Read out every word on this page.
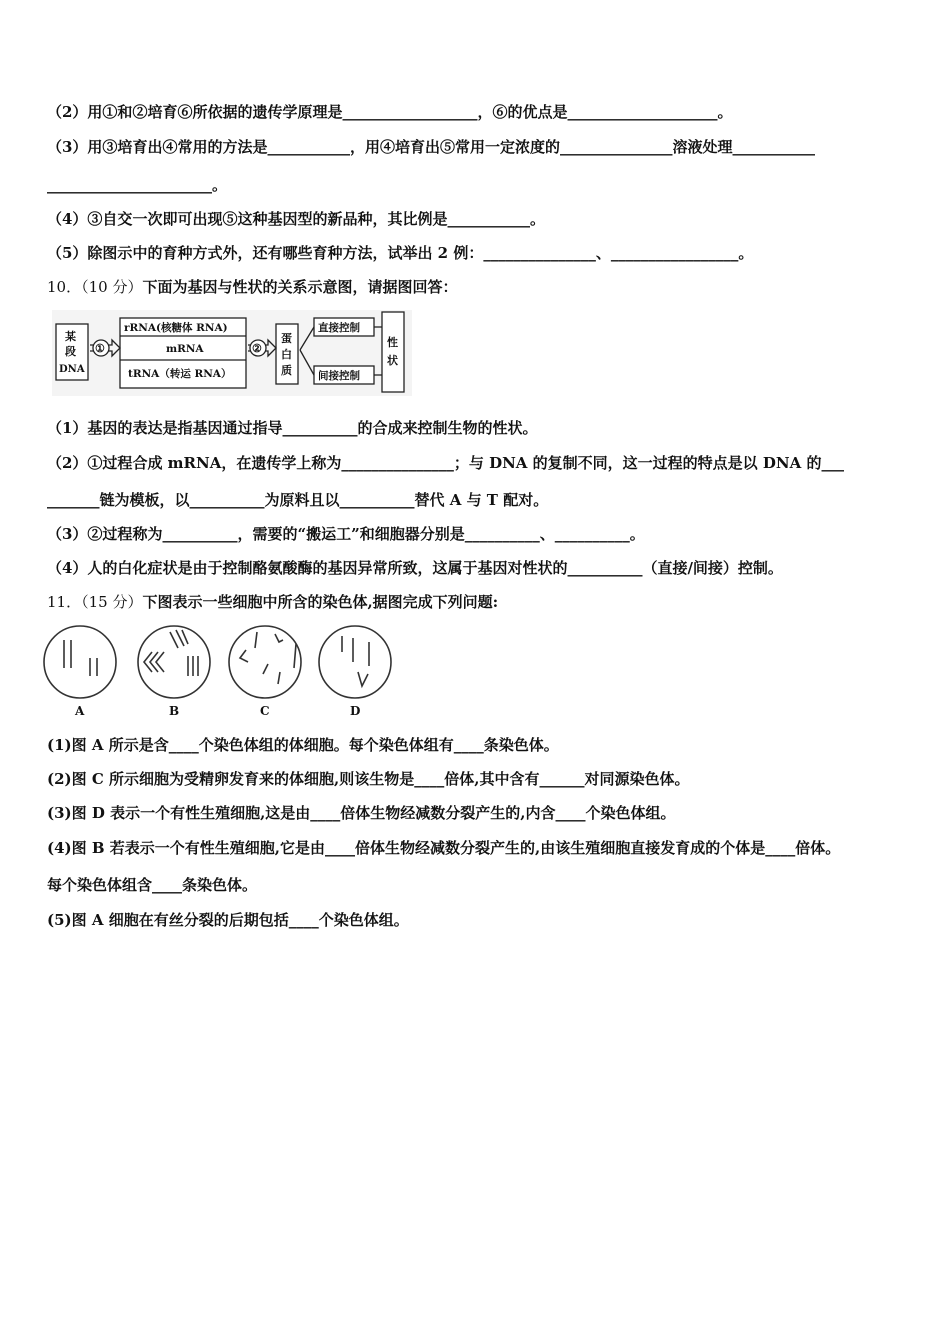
（2）用①和②培育⑥所依据的遗传学原理是__________________，⑥的优点是____________________。
（3）用③培育出④常用的方法是___________，用④培育出⑤常用一定浓度的_______________溶液处理___________
______________________。
（4）③自交一次即可出现⑤这种基因型的新品种，其比例是___________。
（5）除图示中的育种方式外，还有哪些育种方法，试举出 2 例：_______________、_________________。
10．（10 分）下面为基因与性状的关系示意图，请据图回答：
某
段
DNA
①
rRNA(核糖体 RNA)
mRNA
tRNA（转运 RNA）
②
蛋
白
质
直接控制
间接控制
性
状
（1）基因的表达是指基因通过指导__________的合成来控制生物的性状。
（2）①过程合成 mRNA，在遗传学上称为_______________；与 DNA 的复制不同，这一过程的特点是以 DNA 的___
_______链为模板，以__________为原料且以__________替代 A 与 T 配对。
（3）②过程称为__________，需要的“搬运工”和细胞器分别是__________、__________。
（4）人的白化症状是由于控制酪氨酸酶的基因异常所致，这属于基因对性状的__________（直接/间接）控制。
11．（15 分）下图表示一些细胞中所含的染色体,据图完成下列问题:
A	B	C	D
(1)图 A 所示是含____个染色体组的体细胞。每个染色体组有____条染色体。
(2)图 C 所示细胞为受精卵发育来的体细胞,则该生物是____倍体,其中含有______对同源染色体。
(3)图 D 表示一个有性生殖细胞,这是由____倍体生物经减数分裂产生的,内含____个染色体组。
(4)图 B 若表示一个有性生殖细胞,它是由____倍体生物经减数分裂产生的,由该生殖细胞直接发育成的个体是____倍体。
每个染色体组含____条染色体。
(5)图 A 细胞在有丝分裂的后期包括____个染色体组。
